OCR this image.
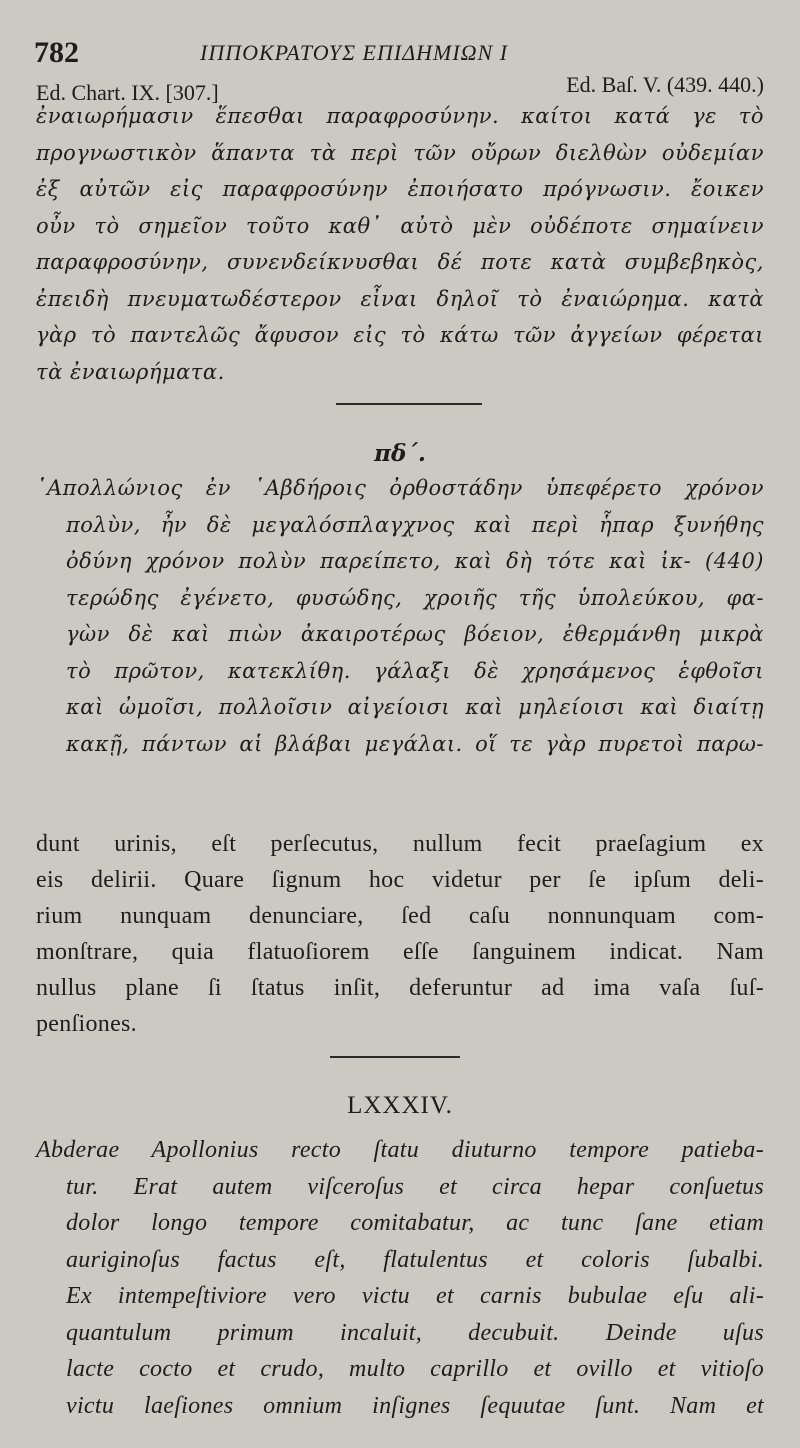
782	ΙΠΠΟΚΡΑΤΟΥΣ ΕΠΙΔΗΜΙΩΝ Ι
Ed. Chart. IX. [307.]	Ed. Baſ. V. (439. 440.)
ἐναιωρήμασιν ἕπεσθαι παραφροσύνην. καίτοι κατά γε τὸ
προγνωστικὸν ἅπαντα τὰ περὶ τῶν οὔρων διελθὼν οὐδεμίαν
ἐξ αὐτῶν εἰς παραφροσύνην ἐποιήσατο πρόγνωσιν. ἔοικεν
οὖν τὸ σημεῖον τοῦτο καθ᾽ αὐτὸ μὲν οὐδέποτε σημαίνειν
παραφροσύνην, συνενδείκνυσθαι δέ ποτε κατὰ συμβεβηκὸς,
ἐπειδὴ πνευματωδέστερον εἶναι δηλοῖ τὸ ἐναιώρημα. κατὰ
γὰρ τὸ παντελῶς ἄφυσον εἰς τὸ κάτω τῶν ἀγγείων φέρεται
τὰ ἐναιωρήματα.
πδ΄.
῾Απολλώνιος ἐν ῾Αβδήροις ὀρθοστάδην ὑπεφέρετο χρόνον
πολὺν, ἦν δὲ μεγαλόσπλαγχνος καὶ περὶ ἧπαρ ξυνήθης
ὀδύνη χρόνον πολὺν παρείπετο, καὶ δὴ τότε καὶ ἰκ- (440)
τερώδης ἐγένετο, φυσώδης, χροιῆς τῆς ὑπολεύκου, φα-
γὼν δὲ καὶ πιὼν ἀκαιροτέρως βόειον, ἐθερμάνθη μικρὰ
τὸ πρῶτον, κατεκλίθη. γάλαξι δὲ χρησάμενος ἑφθοῖσι
καὶ ὠμοῖσι, πολλοῖσιν αἰγείοισι καὶ μηλείοισι καὶ διαίτῃ
κακῇ, πάντων αἱ βλάβαι μεγάλαι. οἵ τε γὰρ πυρετοὶ παρω-
dunt urinis, eſt perſecutus, nullum fecit praeſagium ex
eis delirii. Quare ſignum hoc videtur per ſe ipſum deli-
rium nunquam denunciare, ſed caſu nonnunquam com-
monſtrare, quia flatuoſiorem eſſe ſanguinem indicat. Nam
nullus plane ſi ſtatus inſit, deferuntur ad ima vaſa ſuſ-
penſiones.
LXXXIV.
Abderae Apollonius recto ſtatu diuturno tempore patieba-
tur. Erat autem viſceroſus et circa hepar conſuetus
dolor longo tempore comitabatur, ac tunc ſane etiam
auriginoſus factus eſt, flatulentus et coloris ſubalbi.
Ex intempeſtiviore vero victu et carnis bubulae eſu ali-
quantulum primum incaluit, decubuit. Deinde uſus
lacte cocto et crudo, multo caprillo et ovillo et vitioſo
victu laeſiones omnium inſignes ſequutae ſunt. Nam et
